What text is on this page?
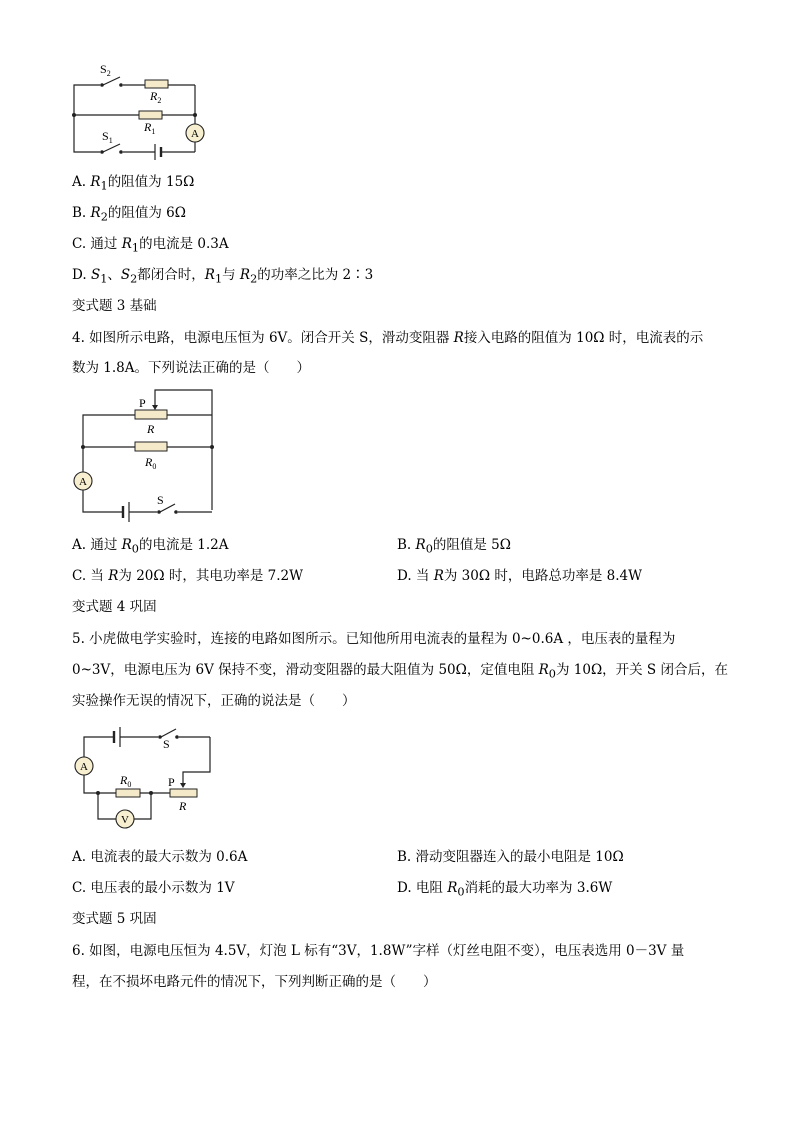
A
$S_2$
$R_2$
$R_1$
$S_1$
A. $R_1$的阻值为 15Ω
B. $R_2$的阻值为 6Ω
C. 通过 $R_1$的电流是 0.3A
D. $S_1$、$S_2$都闭合时，$R_1$与 $R_2$的功率之比为 2∶3
变式题 3 基础
4. 如图所示电路，电源电压恒为 6V。闭合开关 S，滑动变阻器 R接入电路的阻值为 10Ω 时，电流表的示
数为 1.8A。下列说法正确的是（　　）
A
P
R
$R_0$
S
A. 通过 $R_0$的电流是 1.2A	B. $R_0$的阻值是 5Ω
C. 当 R为 20Ω 时，其电功率是 7.2W	D. 当 R为 30Ω 时，电路总功率是 8.4W
变式题 4 巩固
5. 小虎做电学实验时，连接的电路如图所示。已知他所用电流表的量程为 0~0.6A ，电压表的量程为
0~3V，电源电压为 6V 保持不变，滑动变阻器的最大阻值为 50Ω，定值电阻 $R_0$为 10Ω，开关 S 闭合后，在
实验操作无误的情况下，正确的说法是（　　）
A
V
S
$R_0$	P
R
A. 电流表的最大示数为 0.6A	B. 滑动变阻器连入的最小电阻是 10Ω
C. 电压表的最小示数为 1V	D. 电阻 $R_0$消耗的最大功率为 3.6W
变式题 5 巩固
6. 如图，电源电压恒为 4.5V，灯泡 L 标有“3V，1.8W”字样（灯丝电阻不变），电压表选用 0－3V 量
程，在不损坏电路元件的情况下，下列判断正确的是（　　）
